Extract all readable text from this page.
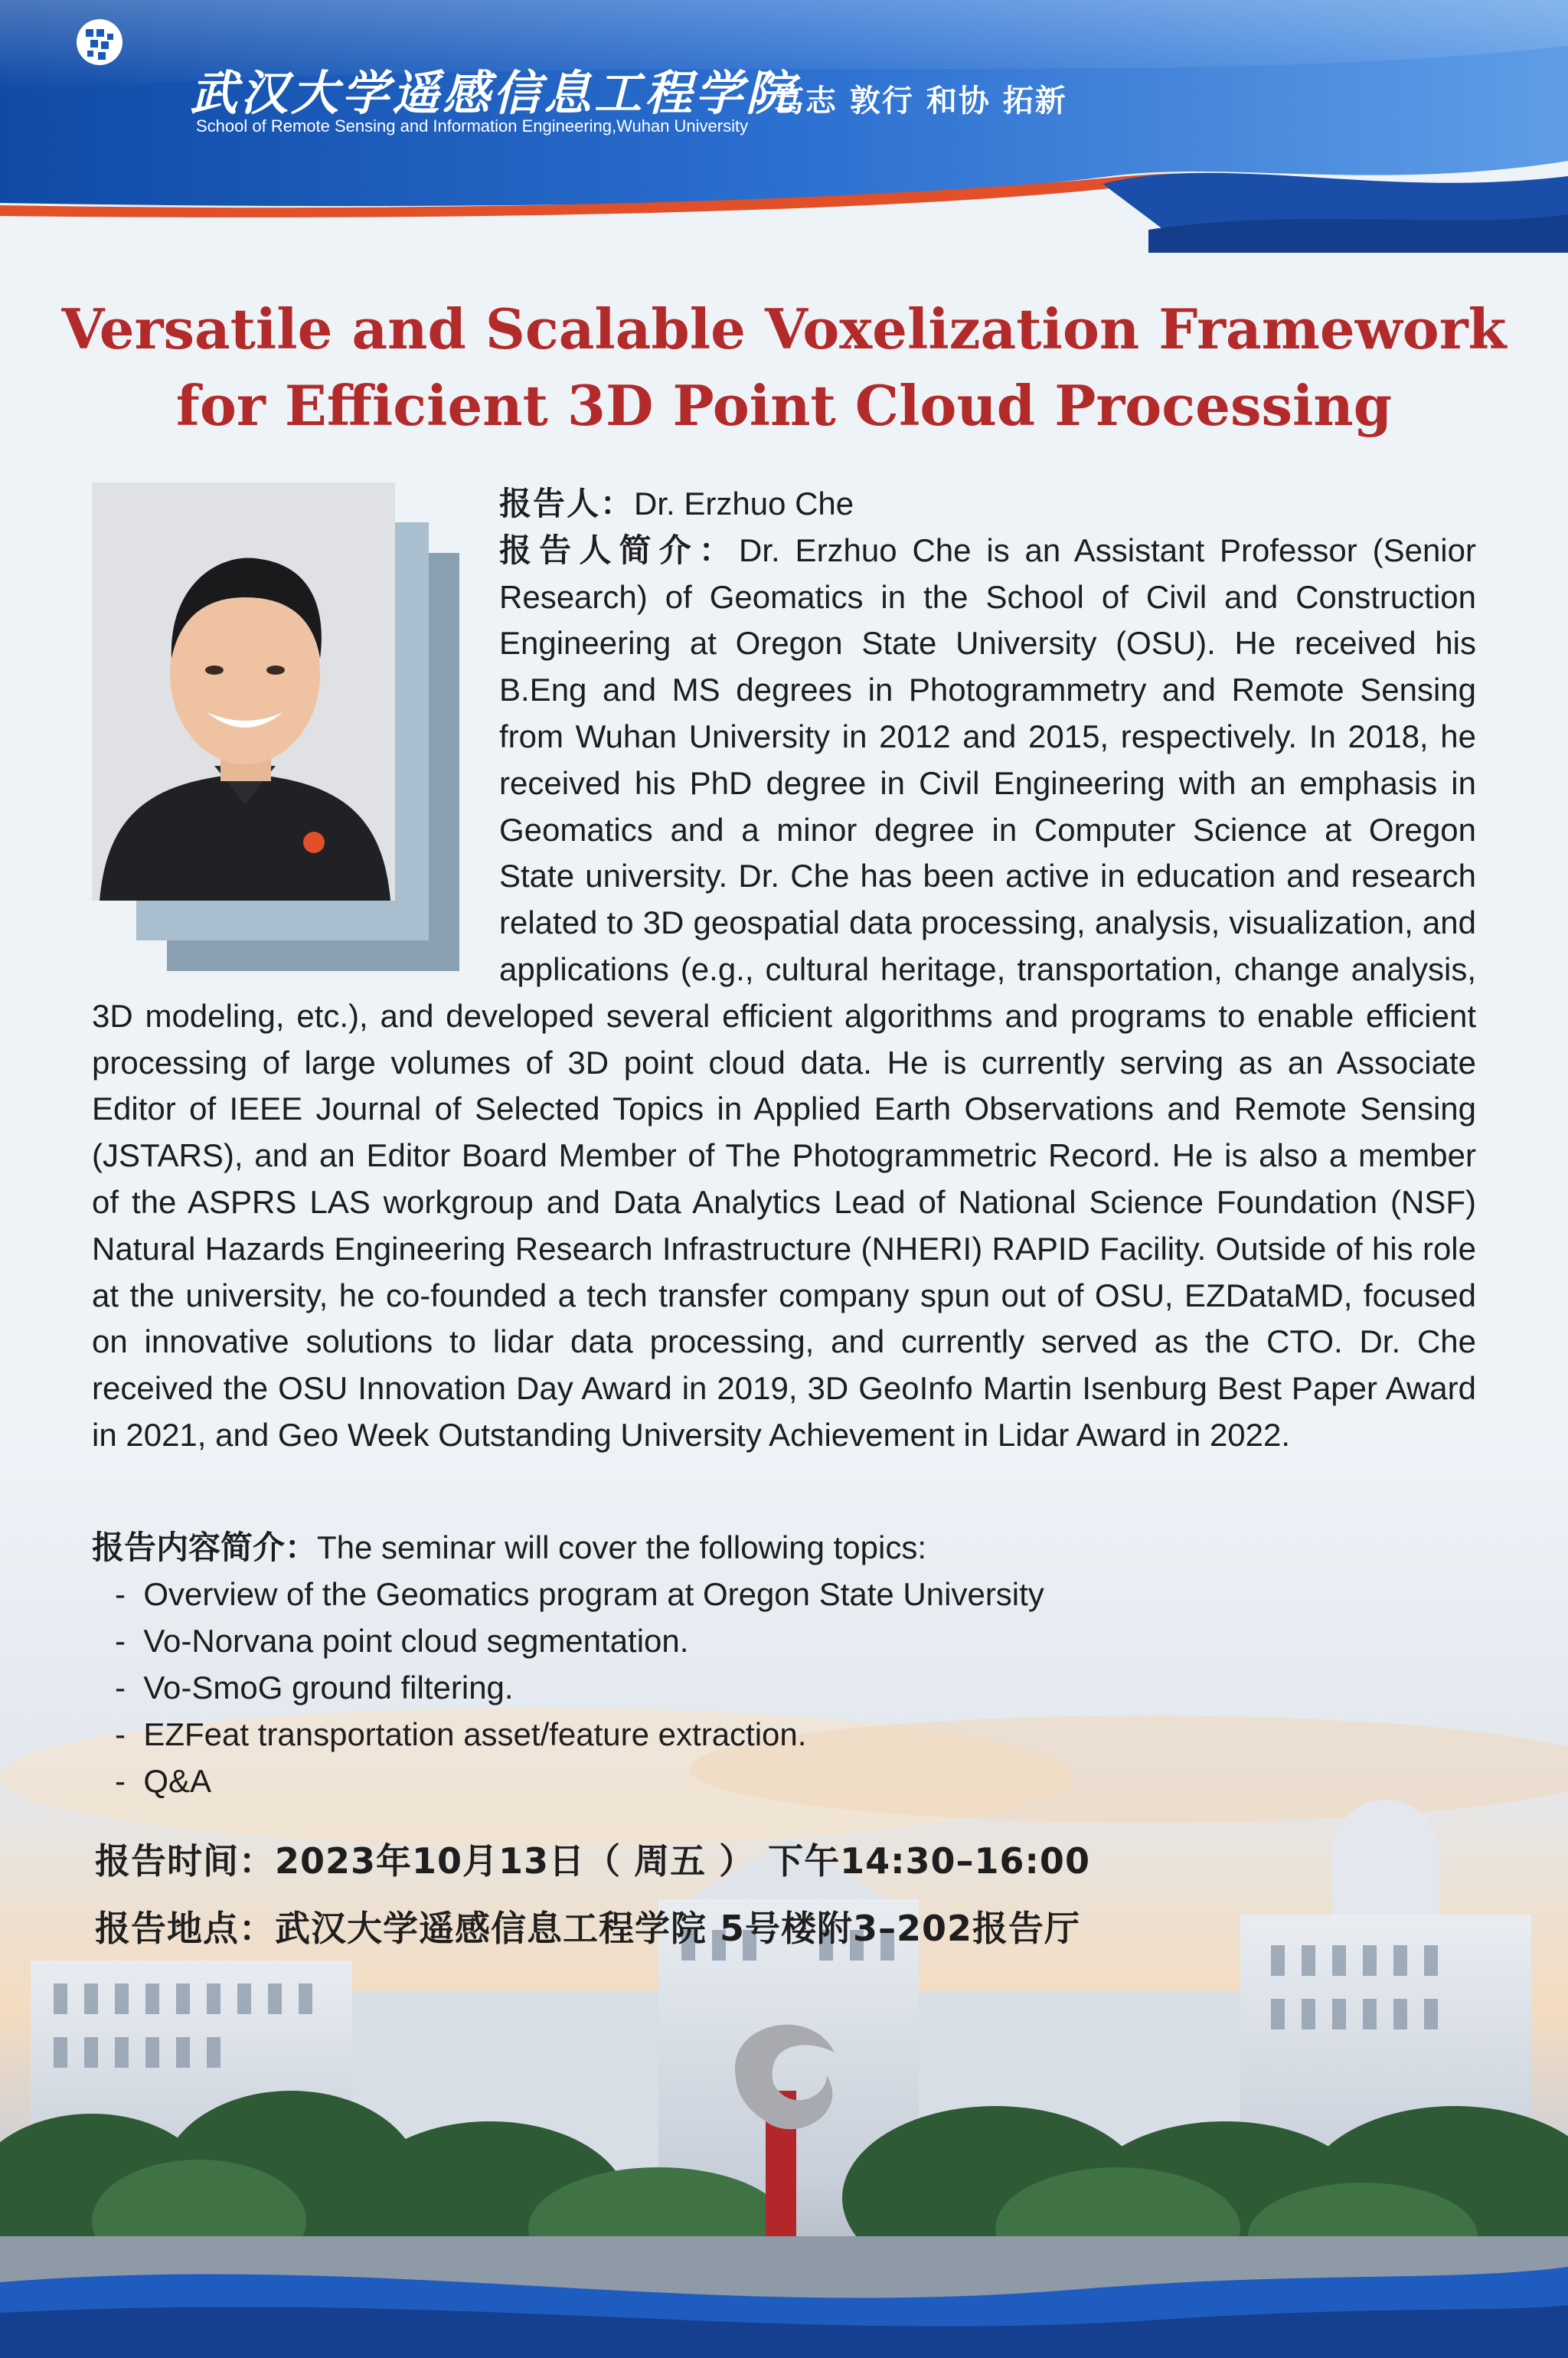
武汉大学遥感信息工程学院
School of Remote Sensing and Information Engineering,Wuhan University
笃志 敦行 和协 拓新
Versatile and Scalable Voxelization Framework
for Efficient 3D Point Cloud Processing
报告人：Dr. Erzhuo Che
报告人简介：Dr. Erzhuo Che is an Assistant Professor (Senior Research) of Geomatics in the School of Civil and Construction Engineering at Oregon State University (OSU). He received his B.Eng and MS degrees in Photogrammetry and Remote Sensing from Wuhan University in 2012 and 2015, respectively. In 2018, he received his PhD degree in Civil Engineering with an emphasis in Geomatics and a minor degree in Computer Science at Oregon State university. Dr. Che has been active in education and research related to 3D geospatial data processing, analysis, visualization, and applications (e.g., cultural heritage, transportation, change analysis, 3D modeling, etc.), and developed several efficient algorithms and programs to enable efficient processing of large volumes of 3D point cloud data. He is currently serving as an Associate Editor of IEEE Journal of Selected Topics in Applied Earth Observations and Remote Sensing (JSTARS), and an Editor Board Member of The Photogrammetric Record. He is also a member of the ASPRS LAS workgroup and Data Analytics Lead of National Science Foundation (NSF) Natural Hazards Engineering Research Infrastructure (NHERI) RAPID Facility. Outside of his role at the university, he co-founded a tech transfer company spun out of OSU, EZDataMD, focused on innovative solutions to lidar data processing, and currently served as the CTO. Dr. Che received the OSU Innovation Day Award in 2019, 3D GeoInfo Martin Isenburg Best Paper Award in 2021, and Geo Week Outstanding University Achievement in Lidar Award in 2022.
报告内容简介：The seminar will cover the following topics:
- Overview of the Geomatics program at Oregon State University
- Vo-Norvana point cloud segmentation.
- Vo-SmoG ground filtering.
- EZFeat transportation asset/feature extraction.
- Q&A
报告时间：2023年10月13日（ 周五 ） 下午14:30–16:00
报告地点：武汉大学遥感信息工程学院 5号楼附3–202报告厅
